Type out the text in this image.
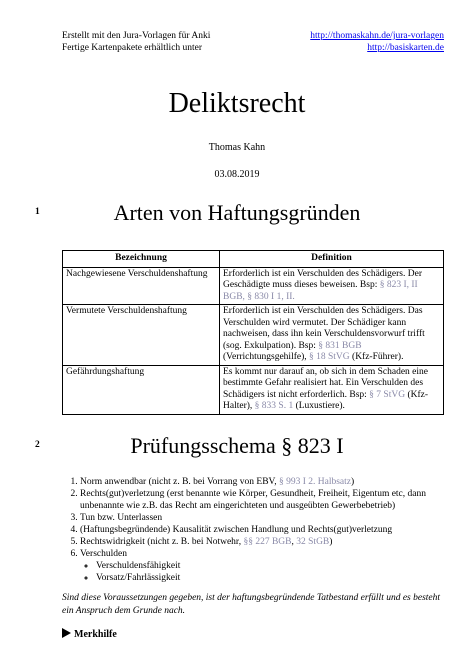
Erstellt mit den Jura-Vorlagen für Anki
Fertige Kartenpakete erhältlich unter
http://thomaskahn.de/jura-vorlagen
http://basiskarten.de
Deliktsrecht
Thomas Kahn
03.08.2019
1	Arten von Haftungsgründen
Bezeichnung	Definition
Nachgewiesene Verschuldenshaftung	Erforderlich ist ein Verschulden des Schädigers. Der Geschädigte muss dieses beweisen. Bsp: § 823 I, II BGB, § 830 I 1, II.
Vermutete Verschuldenshaftung	Erforderlich ist ein Verschulden des Schädigers. Das Verschulden wird vermutet. Der Schädiger kann nachweisen, dass ihn kein Verschuldensvorwurf trifft (sog. Exkulpation). Bsp: § 831 BGB (Verrichtungsgehilfe), § 18 StVG (Kfz-Führer).
Gefährdungshaftung	Es kommt nur darauf an, ob sich in dem Schaden eine bestimmte Gefahr realisiert hat. Ein Verschulden des Schädigers ist nicht erforderlich. Bsp: § 7 StVG (Kfz-Halter), § 833 S. 1 (Luxustiere).
2	Prüfungsschema § 823 I
1. Norm anwendbar (nicht z. B. bei Vorrang von EBV, § 993 I 2. Halbsatz)
2. Rechts(gut)verletzung (erst benannte wie Körper, Gesundheit, Freiheit, Eigentum etc, dann unbenannte wie z.B. das Recht am eingerichteten und ausgeübten Gewerbebetrieb)
3. Tun bzw. Unterlassen
4. (Haftungsbegründende) Kausalität zwischen Handlung und Rechts(gut)verletzung
5. Rechtswidrigkeit (nicht z. B. bei Notwehr, §§ 227 BGB, 32 StGB)
6. Verschulden
◦ Verschuldensfähigkeit
◦ Vorsatz/Fahrlässigkeit
Sind diese Voraussetzungen gegeben, ist der haftungsbegründende Tatbestand erfüllt und es besteht ein Anspruch dem Grunde nach.
Merkhilfe
